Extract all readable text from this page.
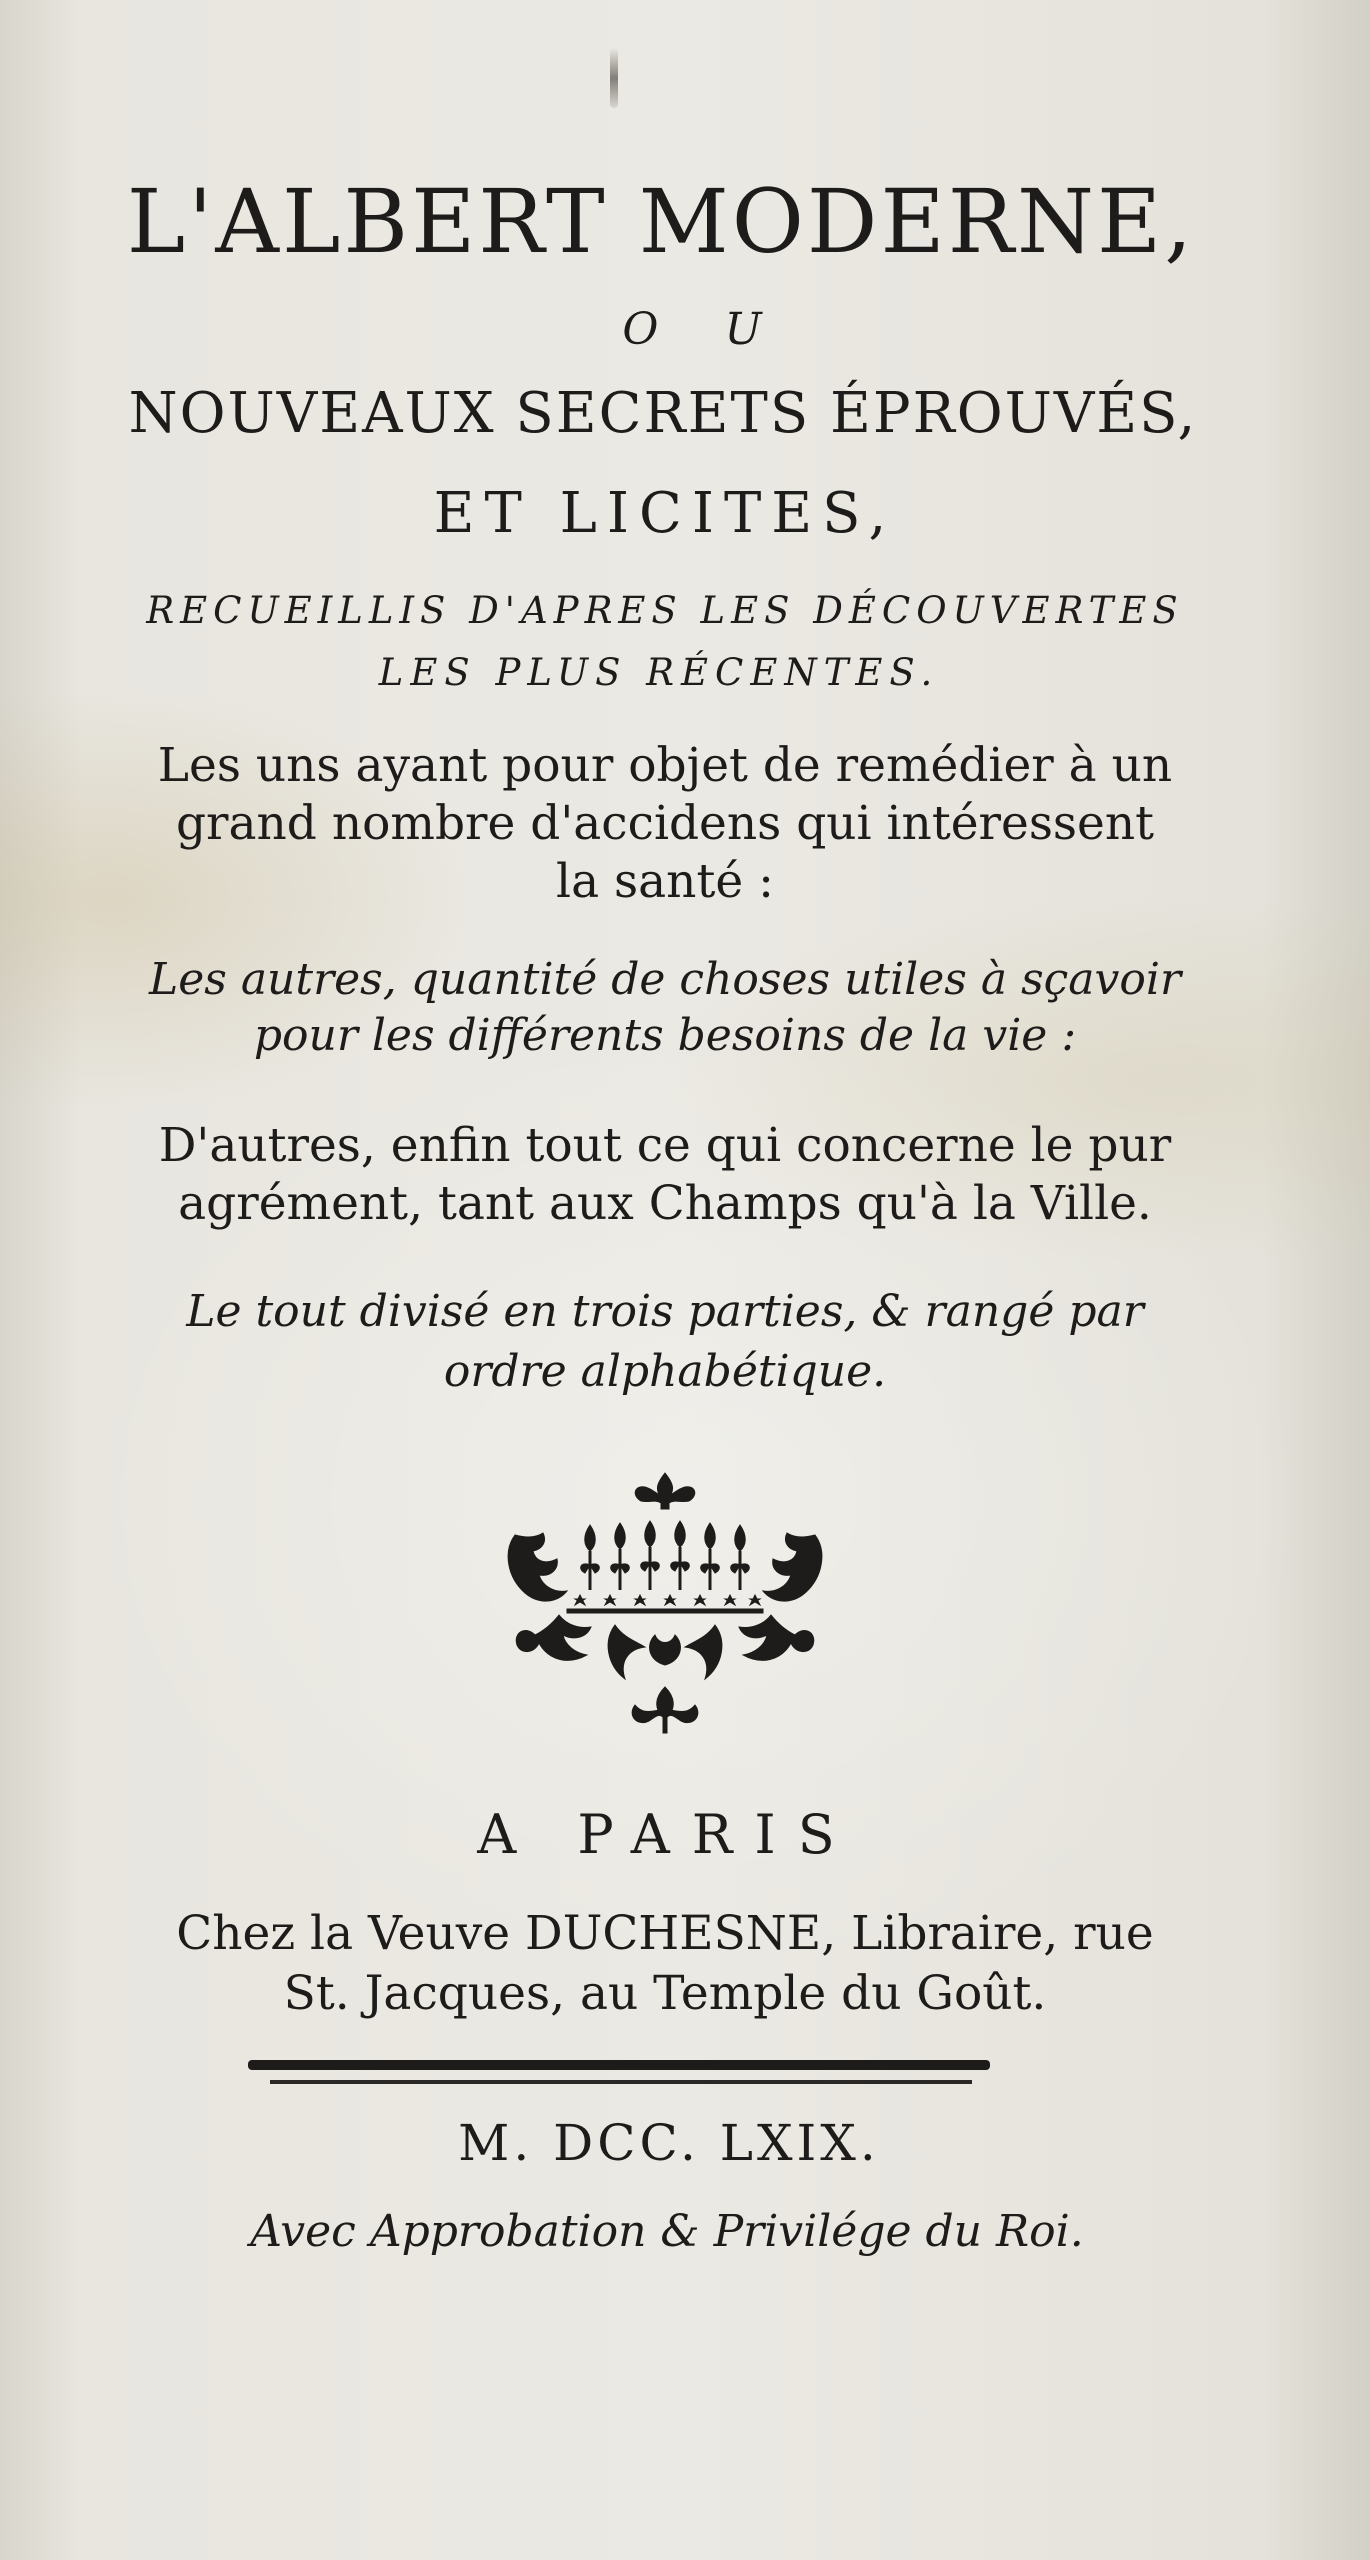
L'ALBERT MODERNE,

O U

NOUVEAUX SECRETS ÉPROUVÉS,

ET LICITES,

RECUEILLIS D'APRES LES DÉCOUVERTES

LES PLUS RÉCENTES.

Les uns ayant pour objet de remédier à un

grand nombre d'accidens qui intéressent

la santé :

Les autres, quantité de choses utiles à sçavoir

pour les différents besoins de la vie :

D'autres, enfin tout ce qui concerne le pur

agrément, tant aux Champs qu'à la Ville.

Le tout divisé en trois parties, & rangé par

ordre alphabétique.

A PARIS

Chez la Veuve DUCHESNE, Libraire, rue

St. Jacques, au Temple du Goût.

M. DCC. LXIX.

Avec Approbation & Privilége du Roi.
